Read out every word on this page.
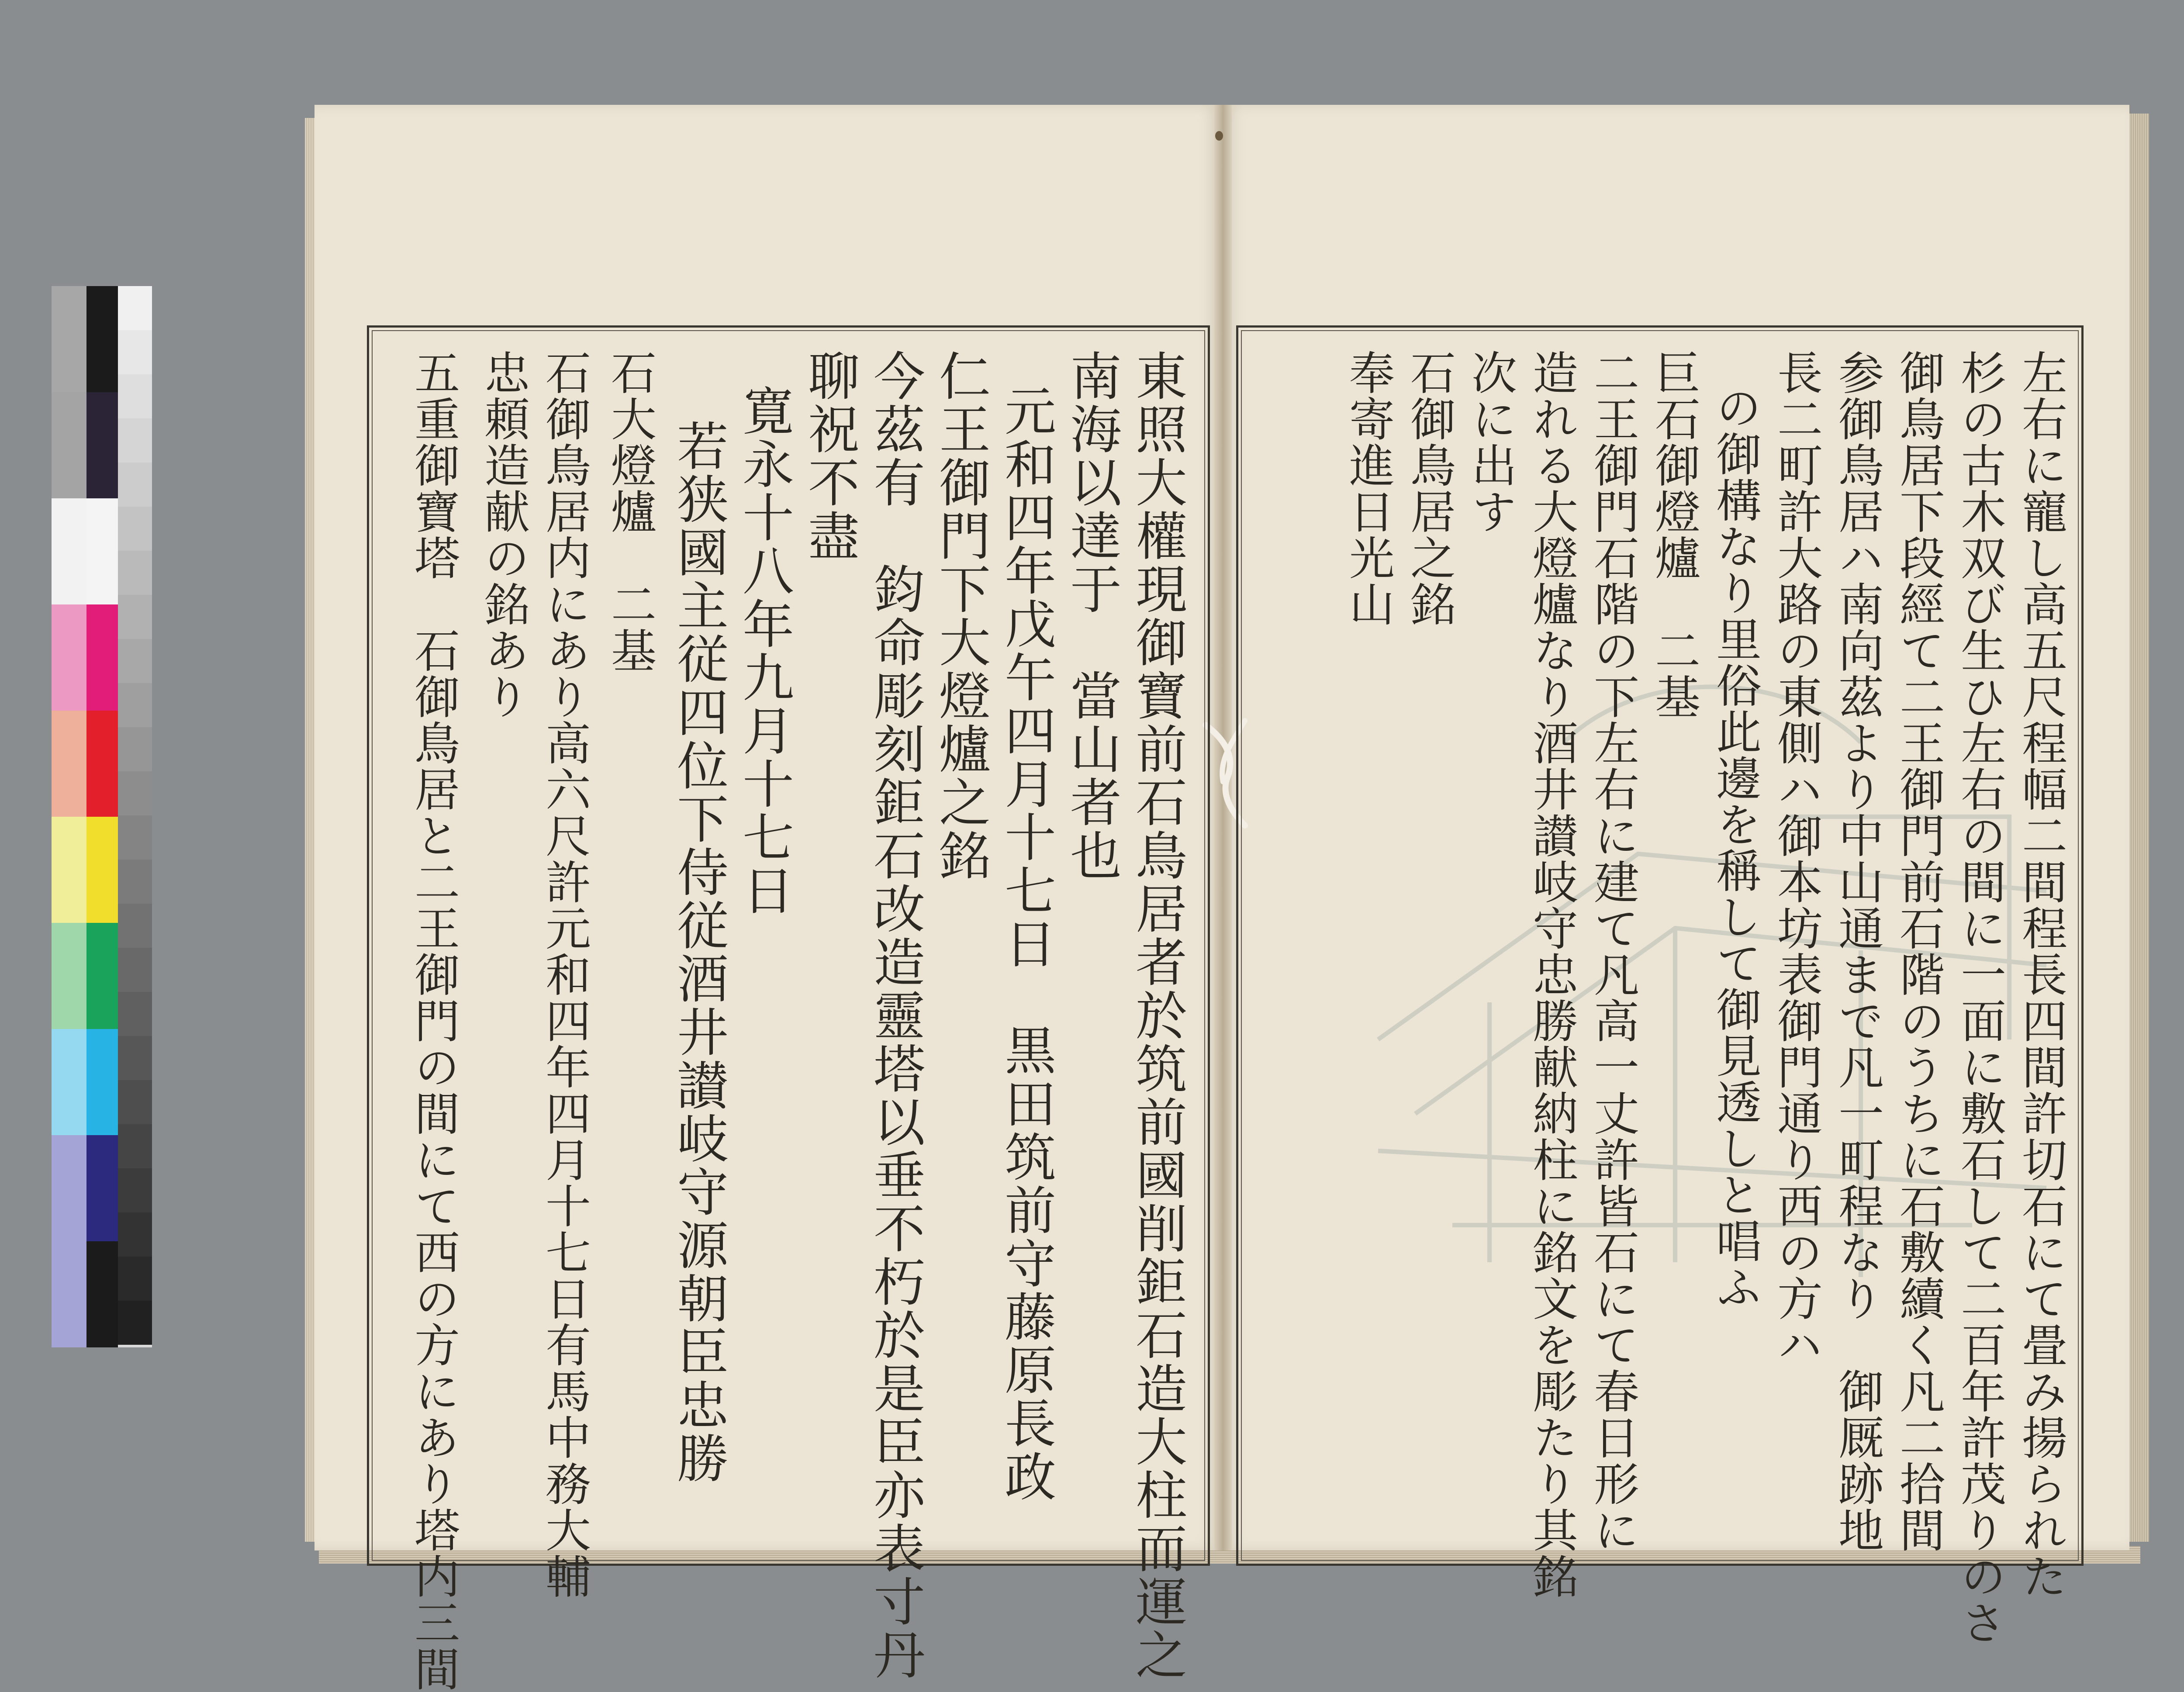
東照大權現御寶前石鳥居者於筑前國削鉅石造大柱而運之
南海以達于　當山者也
元和四年戊午四月十七日　黒田筑前守藤原長政
仁王御門下大燈爐之銘
今茲有　鈞命彫刻鉅石改造靈塔以垂不朽於是臣亦表寸丹
聊祝不盡
寛永十八年九月十七日
若狭國主従四位下侍従酒井讃岐守源朝臣忠勝
石大燈爐　二基
石御鳥居内にあり高六尺許元和四年四月十七日有馬中務大輔
忠頼造献の銘あり
五重御寶塔　石御鳥居と二王御門の間にて西の方にあり塔内三間	左右に寵し高五尺程幅二間程長四間許切石にて畳み揚られた
杉の古木双び生ひ左右の間に一面に敷石して二百年許茂りのさ
御鳥居下段經て二王御門前石階のうちに石敷續く凡二拾間
参御鳥居ハ南向茲より中山通まで凡一町程なり　御厩跡地
長二町許大路の東側ハ御本坊表御門通り西の方ハ
の御構なり里俗此邊を稱して御見透しと唱ふ
巨石御燈爐　二基
二王御門石階の下左右に建て凡高一丈許皆石にて春日形に
造れる大燈爐なり酒井讃岐守忠勝献納柱に銘文を彫たり其銘
次に出す
石御鳥居之銘
奉寄進日光山
